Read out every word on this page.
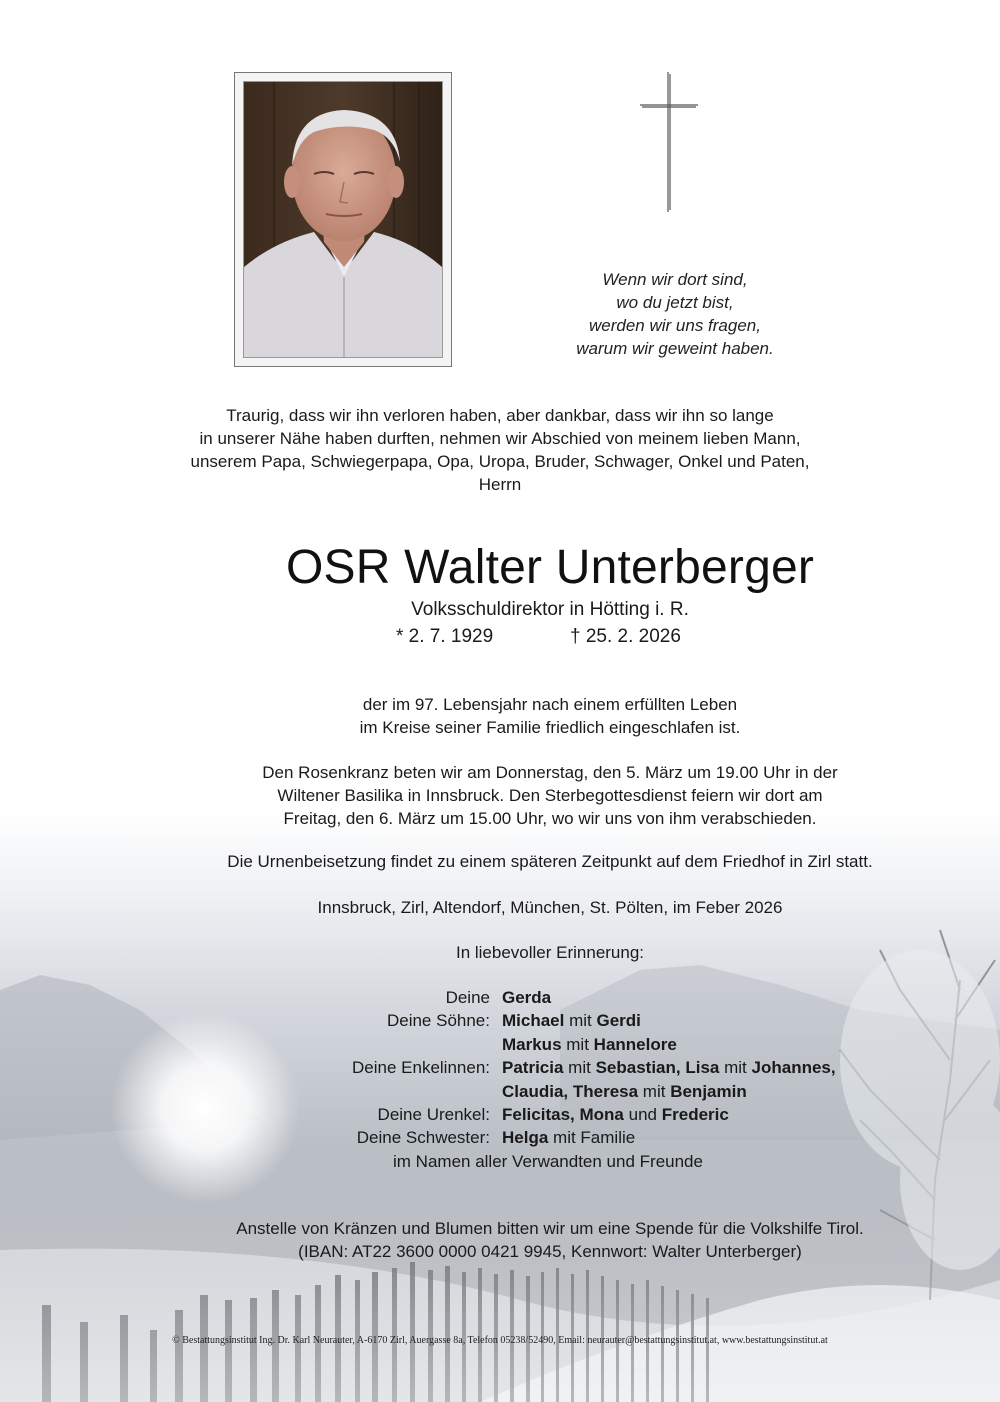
Wenn wir dort sind,
wo du jetzt bist,
werden wir uns fragen,
warum wir geweint haben.
Traurig, dass wir ihn verloren haben, aber dankbar, dass wir ihn so lange
in unserer Nähe haben durften, nehmen wir Abschied von meinem lieben Mann,
unserem Papa, Schwiegerpapa, Opa, Uropa, Bruder, Schwager, Onkel und Paten,
Herrn
OSR Walter Unterberger
Volksschuldirektor in Hötting i. R.
* 2. 7. 1929	† 25. 2. 2026
der im 97. Lebensjahr nach einem erfüllten Leben
im Kreise seiner Familie friedlich eingeschlafen ist.
Den Rosenkranz beten wir am Donnerstag, den 5. März um 19.00 Uhr in der
Wiltener Basilika in Innsbruck. Den Sterbegottesdienst feiern wir dort am
Freitag, den 6. März um 15.00 Uhr, wo wir uns von ihm verabschieden.
Die Urnenbeisetzung findet zu einem späteren Zeitpunkt auf dem Friedhof in Zirl statt.
Innsbruck, Zirl, Altendorf, München, St. Pölten, im Feber 2026
In liebevoller Erinnerung:
Deine Gerda
Deine Söhne: Michael mit Gerdi
Markus mit Hannelore
Deine Enkelinnen: Patricia mit Sebastian, Lisa mit Johannes,
Claudia, Theresa mit Benjamin
Deine Urenkel: Felicitas, Mona und Frederic
Deine Schwester: Helga mit Familie
im Namen aller Verwandten und Freunde
Anstelle von Kränzen und Blumen bitten wir um eine Spende für die Volkshilfe Tirol.
(IBAN: AT22 3600 0000 0421 9945, Kennwort: Walter Unterberger)
© Bestattungsinstitut Ing. Dr. Karl Neurauter, A-6170 Zirl, Auergasse 8a, Telefon 05238/52490, Email: neurauter@bestattungsinstitut.at, www.bestattungsinstitut.at
